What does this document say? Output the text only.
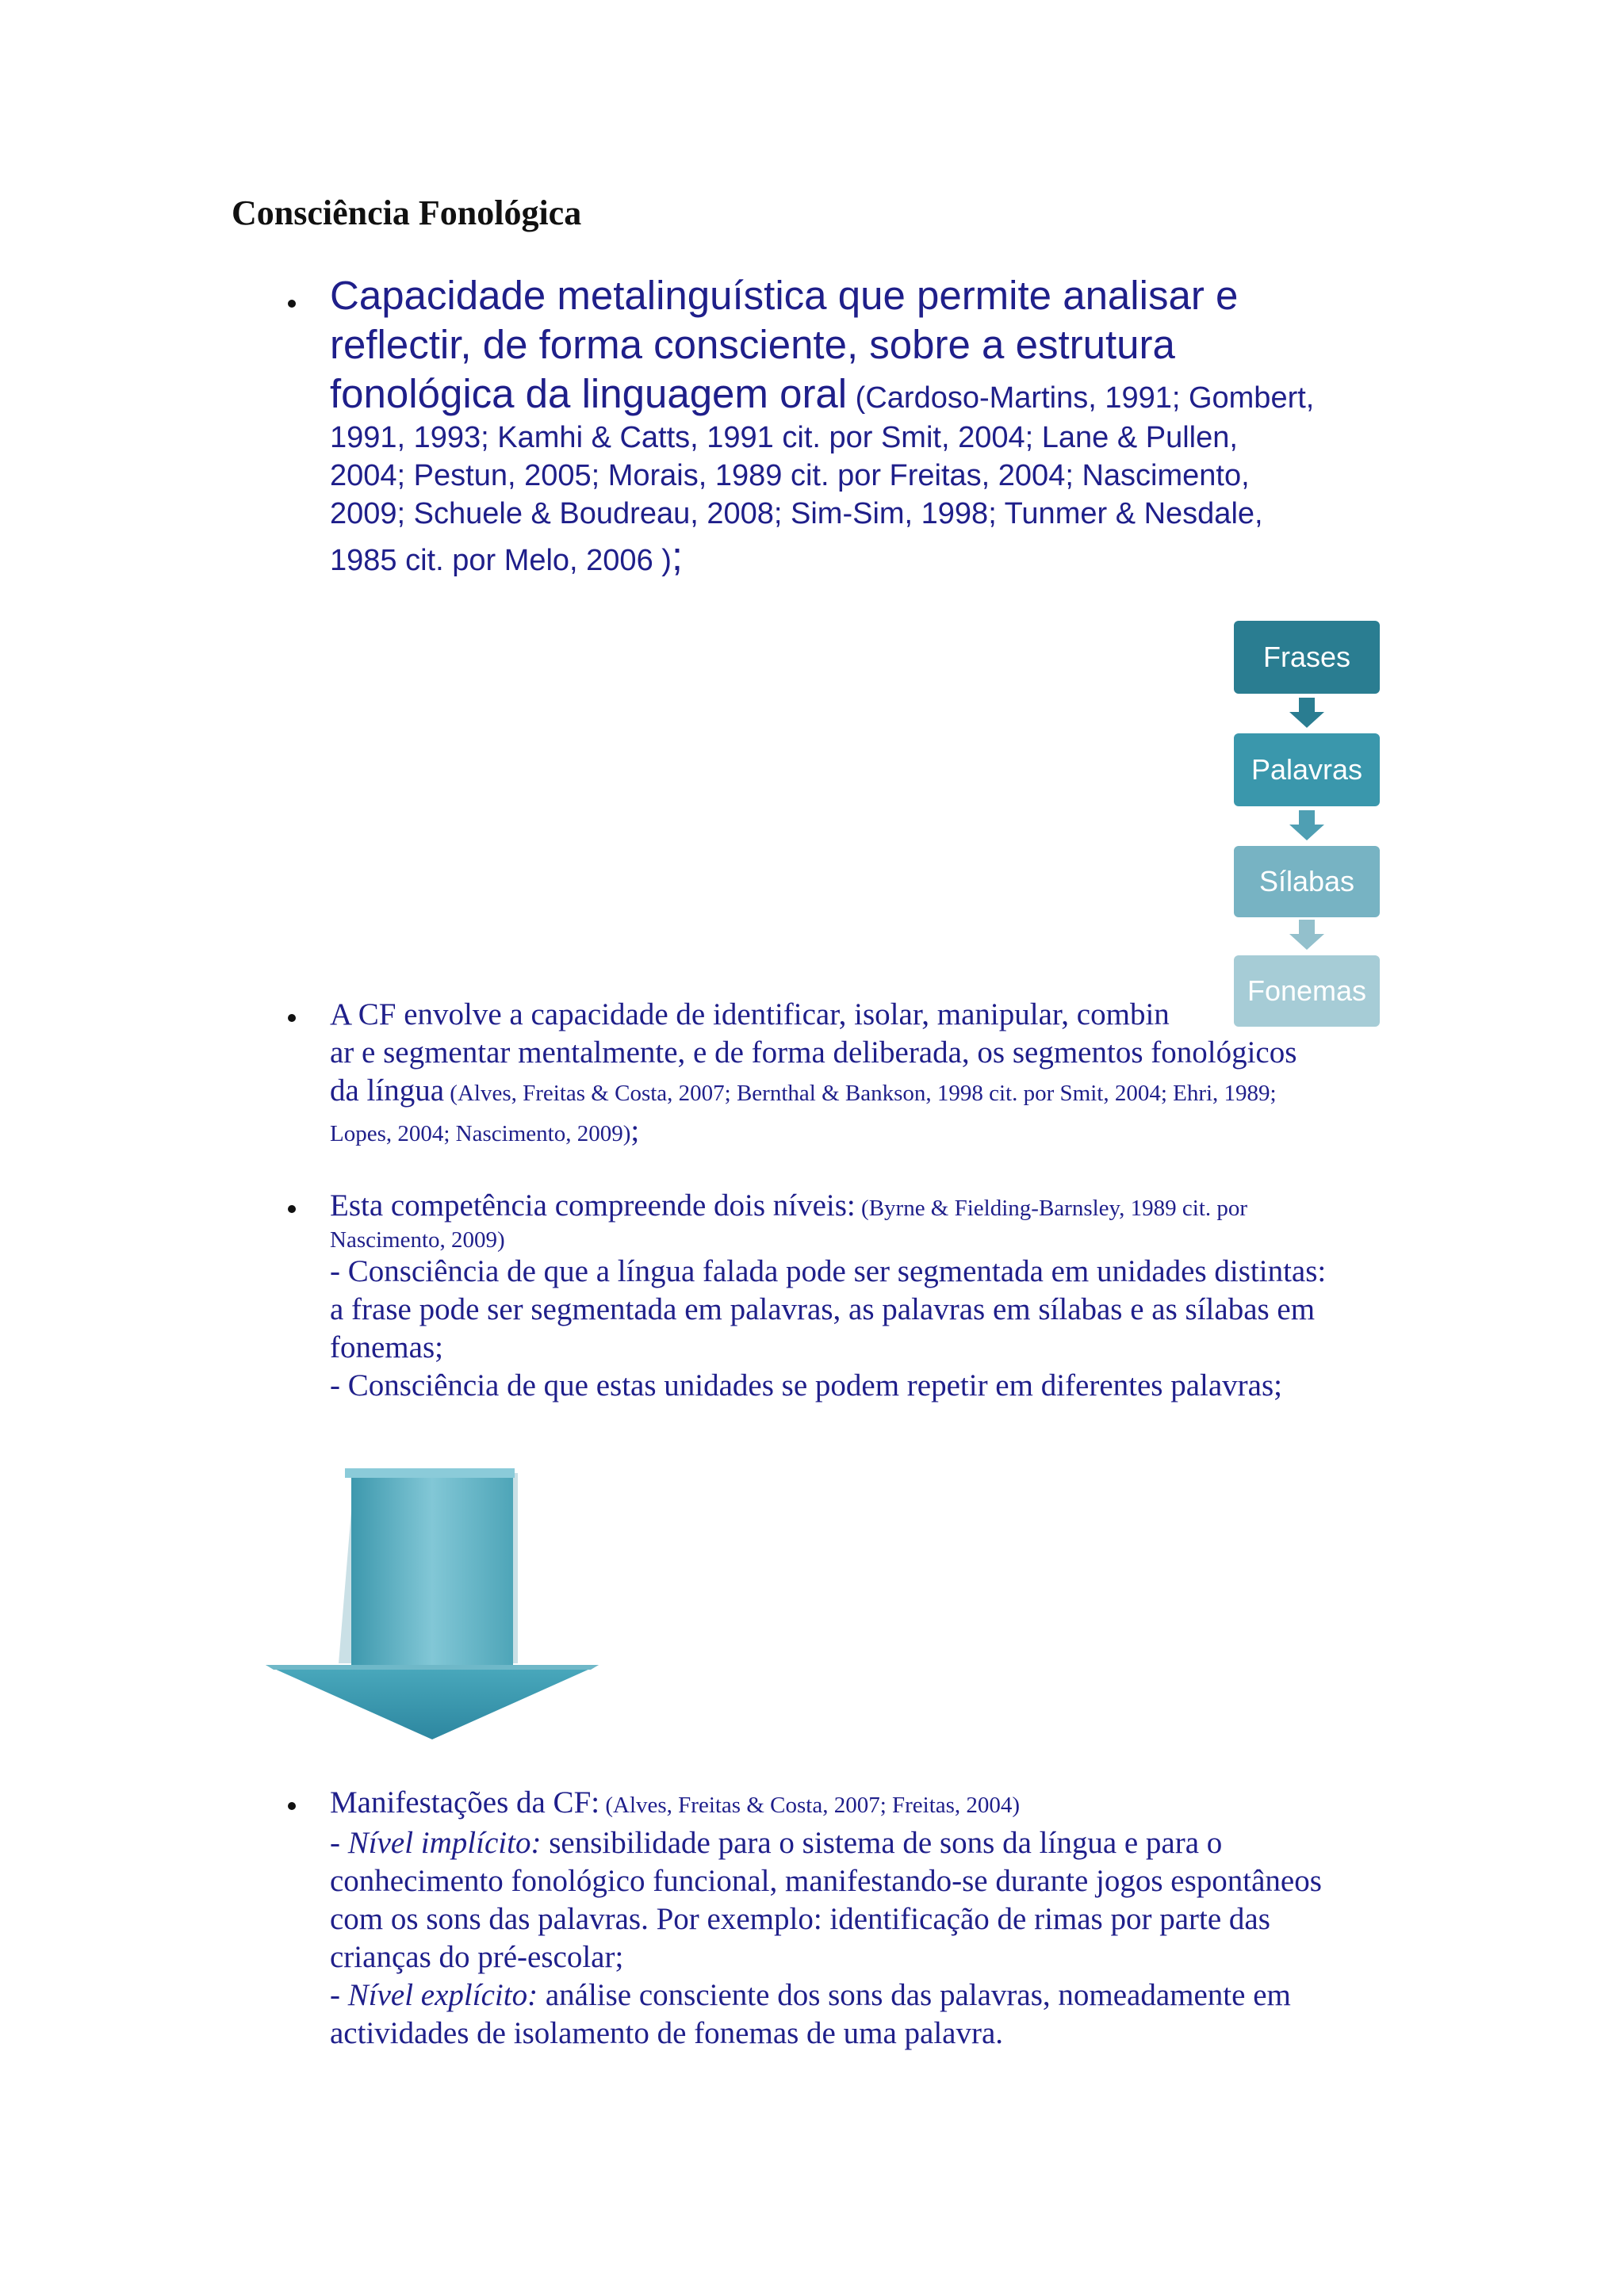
Consciência Fonológica
Capacidade metalinguística que permite analisar e
reflectir, de forma consciente, sobre a estrutura
fonológica da linguagem oral (Cardoso-Martins, 1991; Gombert,
1991, 1993; Kamhi & Catts, 1991 cit. por Smit, 2004; Lane & Pullen,
2004; Pestun, 2005; Morais, 1989 cit. por Freitas, 2004; Nascimento,
2009; Schuele & Boudreau, 2008; Sim-Sim, 1998; Tunmer & Nesdale,
1985 cit. por Melo, 2006 );
Frases
Palavras
Sílabas
Fonemas
A CF envolve a capacidade de identificar, isolar, manipular, combin
ar e segmentar mentalmente, e de forma deliberada, os segmentos fonológicos
da língua (Alves, Freitas & Costa, 2007; Bernthal & Bankson, 1998 cit. por Smit, 2004; Ehri, 1989;
Lopes, 2004; Nascimento, 2009);
Esta competência compreende dois níveis: (Byrne & Fielding-Barnsley, 1989 cit. por
Nascimento, 2009)
- Consciência de que a língua falada pode ser segmentada em unidades distintas:
a frase pode ser segmentada em palavras, as palavras em sílabas e as sílabas em
fonemas;
- Consciência de que estas unidades se podem repetir em diferentes palavras;
Manifestações da CF: (Alves, Freitas & Costa, 2007; Freitas, 2004)
- Nível implícito: sensibilidade para o sistema de sons da língua e para o
conhecimento fonológico funcional, manifestando-se durante jogos espontâneos
com os sons das palavras. Por exemplo: identificação de rimas por parte das
crianças do pré-escolar;
- Nível explícito: análise consciente dos sons das palavras, nomeadamente em
actividades de isolamento de fonemas de uma palavra.
